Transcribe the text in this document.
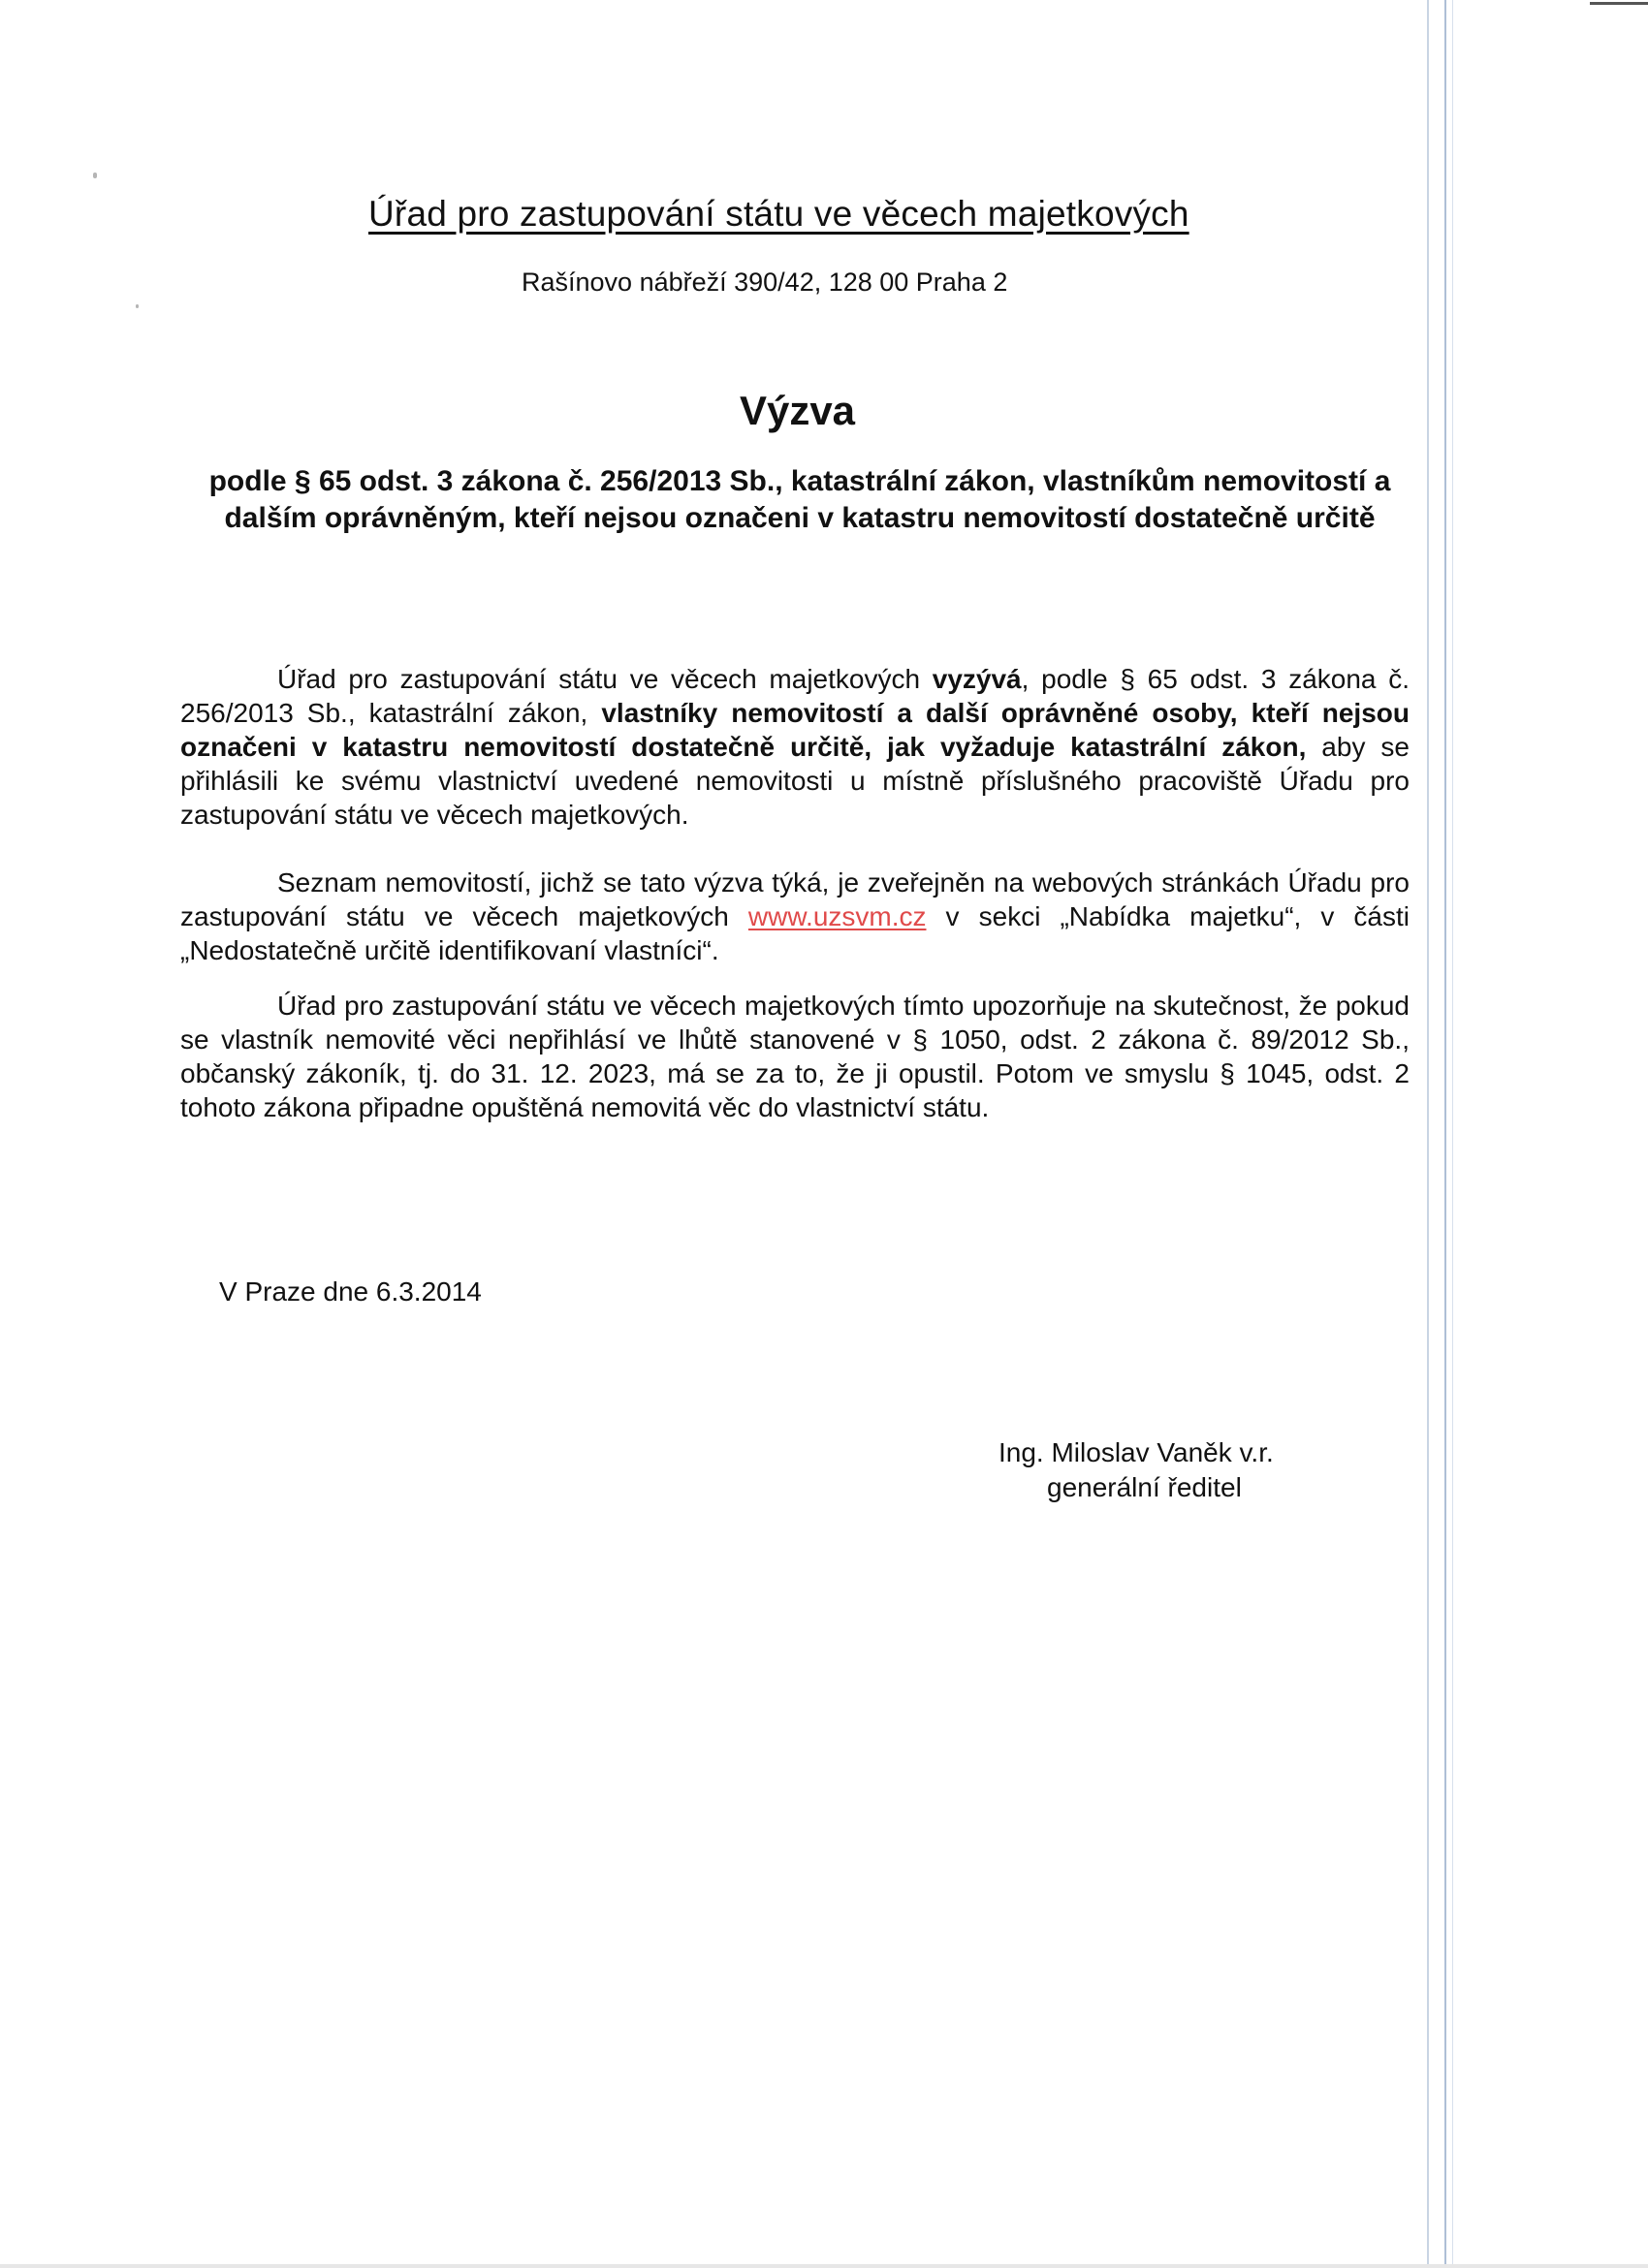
Úřad pro zastupování státu ve věcech majetkových
Rašínovo nábřeží 390/42, 128 00 Praha 2
Výzva
podle § 65 odst. 3 zákona č. 256/2013 Sb., katastrální zákon, vlastníkům nemovitostí a dalším oprávněným, kteří nejsou označeni v katastru nemovitostí dostatečně určitě
Úřad pro zastupování státu ve věcech majetkových vyzývá, podle § 65 odst. 3 zákona č. 256/2013 Sb., katastrální zákon, vlastníky nemovitostí a další oprávněné osoby, kteří nejsou označeni v katastru nemovitostí dostatečně určitě, jak vyžaduje katastrální zákon, aby se přihlásili ke svému vlastnictví uvedené nemovitosti u místně příslušného pracoviště Úřadu pro zastupování státu ve věcech majetkových.
Seznam nemovitostí, jichž se tato výzva týká, je zveřejněn na webových stránkách Úřadu pro zastupování státu ve věcech majetkových www.uzsvm.cz v sekci „Nabídka majetku“, v části „Nedostatečně určitě identifikovaní vlastníci“.
Úřad pro zastupování státu ve věcech majetkových tímto upozorňuje na skutečnost, že pokud se vlastník nemovité věci nepřihlásí ve lhůtě stanovené v § 1050, odst. 2 zákona č. 89/2012 Sb., občanský zákoník, tj. do 31. 12. 2023, má se za to, že ji opustil. Potom ve smyslu § 1045, odst. 2 tohoto zákona připadne opuštěná nemovitá věc do vlastnictví státu.
V Praze dne 6.3.2014
Ing. Miloslav Vaněk v.r.
generální ředitel
